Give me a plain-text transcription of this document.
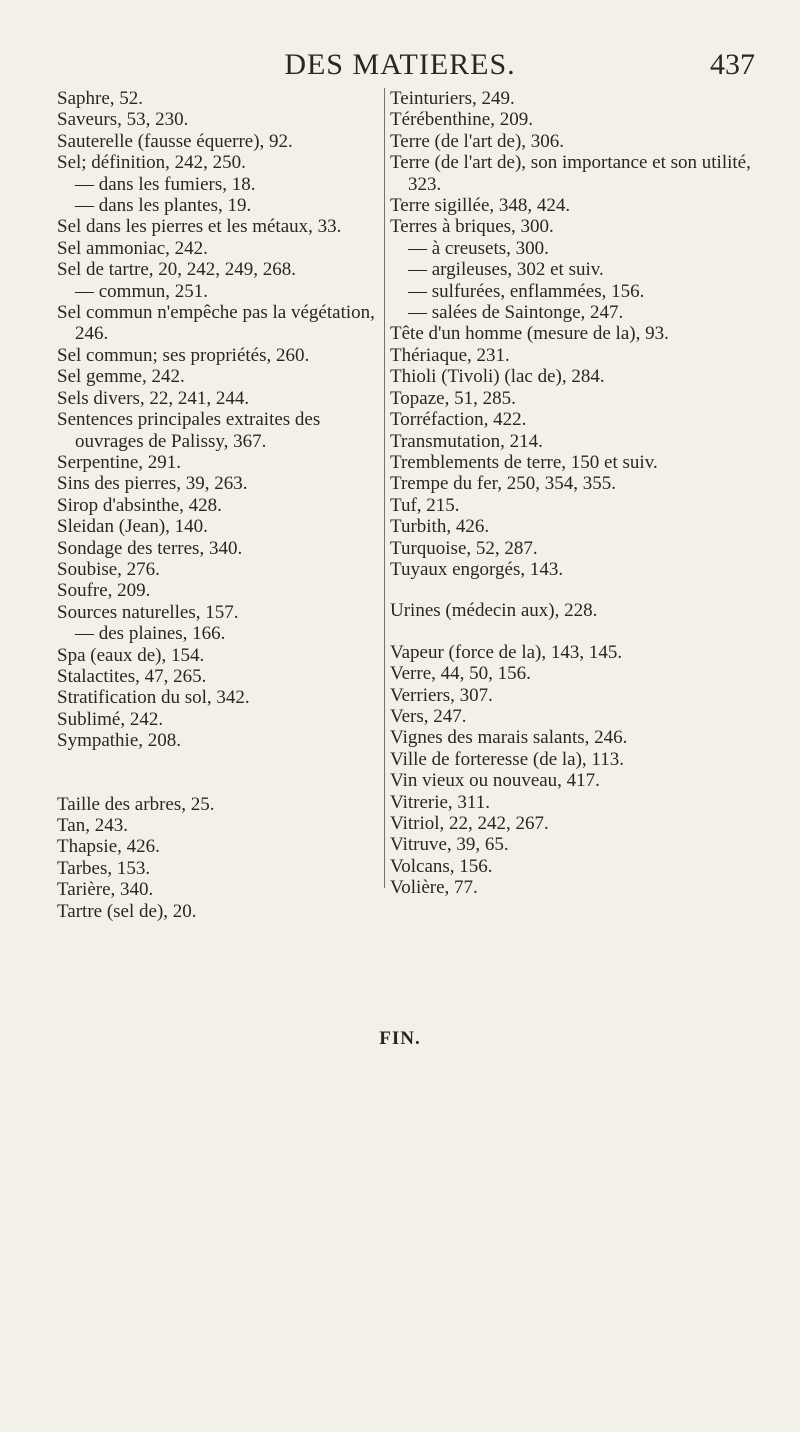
DES MATIERES.	437

Saphre, 52.

Saveurs, 53, 230.

Sauterelle (fausse équerre), 92.

Sel; définition, 242, 250.

— dans les fumiers, 18.

— dans les plantes, 19.

Sel dans les pierres et les métaux, 33.

Sel ammoniac, 242.

Sel de tartre, 20, 242, 249, 268.

— commun, 251.

Sel commun n'empêche pas la végétation, 246.

Sel commun; ses propriétés, 260.

Sel gemme, 242.

Sels divers, 22, 241, 244.

Sentences principales extraites des ouvrages de Palissy, 367.

Serpentine, 291.

Sins des pierres, 39, 263.

Sirop d'absinthe, 428.

Sleidan (Jean), 140.

Sondage des terres, 340.

Soubise, 276.

Soufre, 209.

Sources naturelles, 157.

— des plaines, 166.

Spa (eaux de), 154.

Stalactites, 47, 265.

Stratification du sol, 342.

Sublimé, 242.

Sympathie, 208.

Taille des arbres, 25.

Tan, 243.

Thapsie, 426.

Tarbes, 153.

Tarière, 340.

Tartre (sel de), 20.

Teinturiers, 249.

Térébenthine, 209.

Terre (de l'art de), 306.

Terre (de l'art de), son importance et son utilité, 323.

Terre sigillée, 348, 424.

Terres à briques, 300.

— à creusets, 300.

— argileuses, 302 et suiv.

— sulfurées, enflammées, 156.

— salées de Saintonge, 247.

Tête d'un homme (mesure de la), 93.

Thériaque, 231.

Thioli (Tivoli) (lac de), 284.

Topaze, 51, 285.

Torréfaction, 422.

Transmutation, 214.

Tremblements de terre, 150 et suiv.

Trempe du fer, 250, 354, 355.

Tuf, 215.

Turbith, 426.

Turquoise, 52, 287.

Tuyaux engorgés, 143.

Urines (médecin aux), 228.

Vapeur (force de la), 143, 145.

Verre, 44, 50, 156.

Verriers, 307.

Vers, 247.

Vignes des marais salants, 246.

Ville de forteresse (de la), 113.

Vin vieux ou nouveau, 417.

Vitrerie, 311.

Vitriol, 22, 242, 267.

Vitruve, 39, 65.

Volcans, 156.

Volière, 77.

FIN.
